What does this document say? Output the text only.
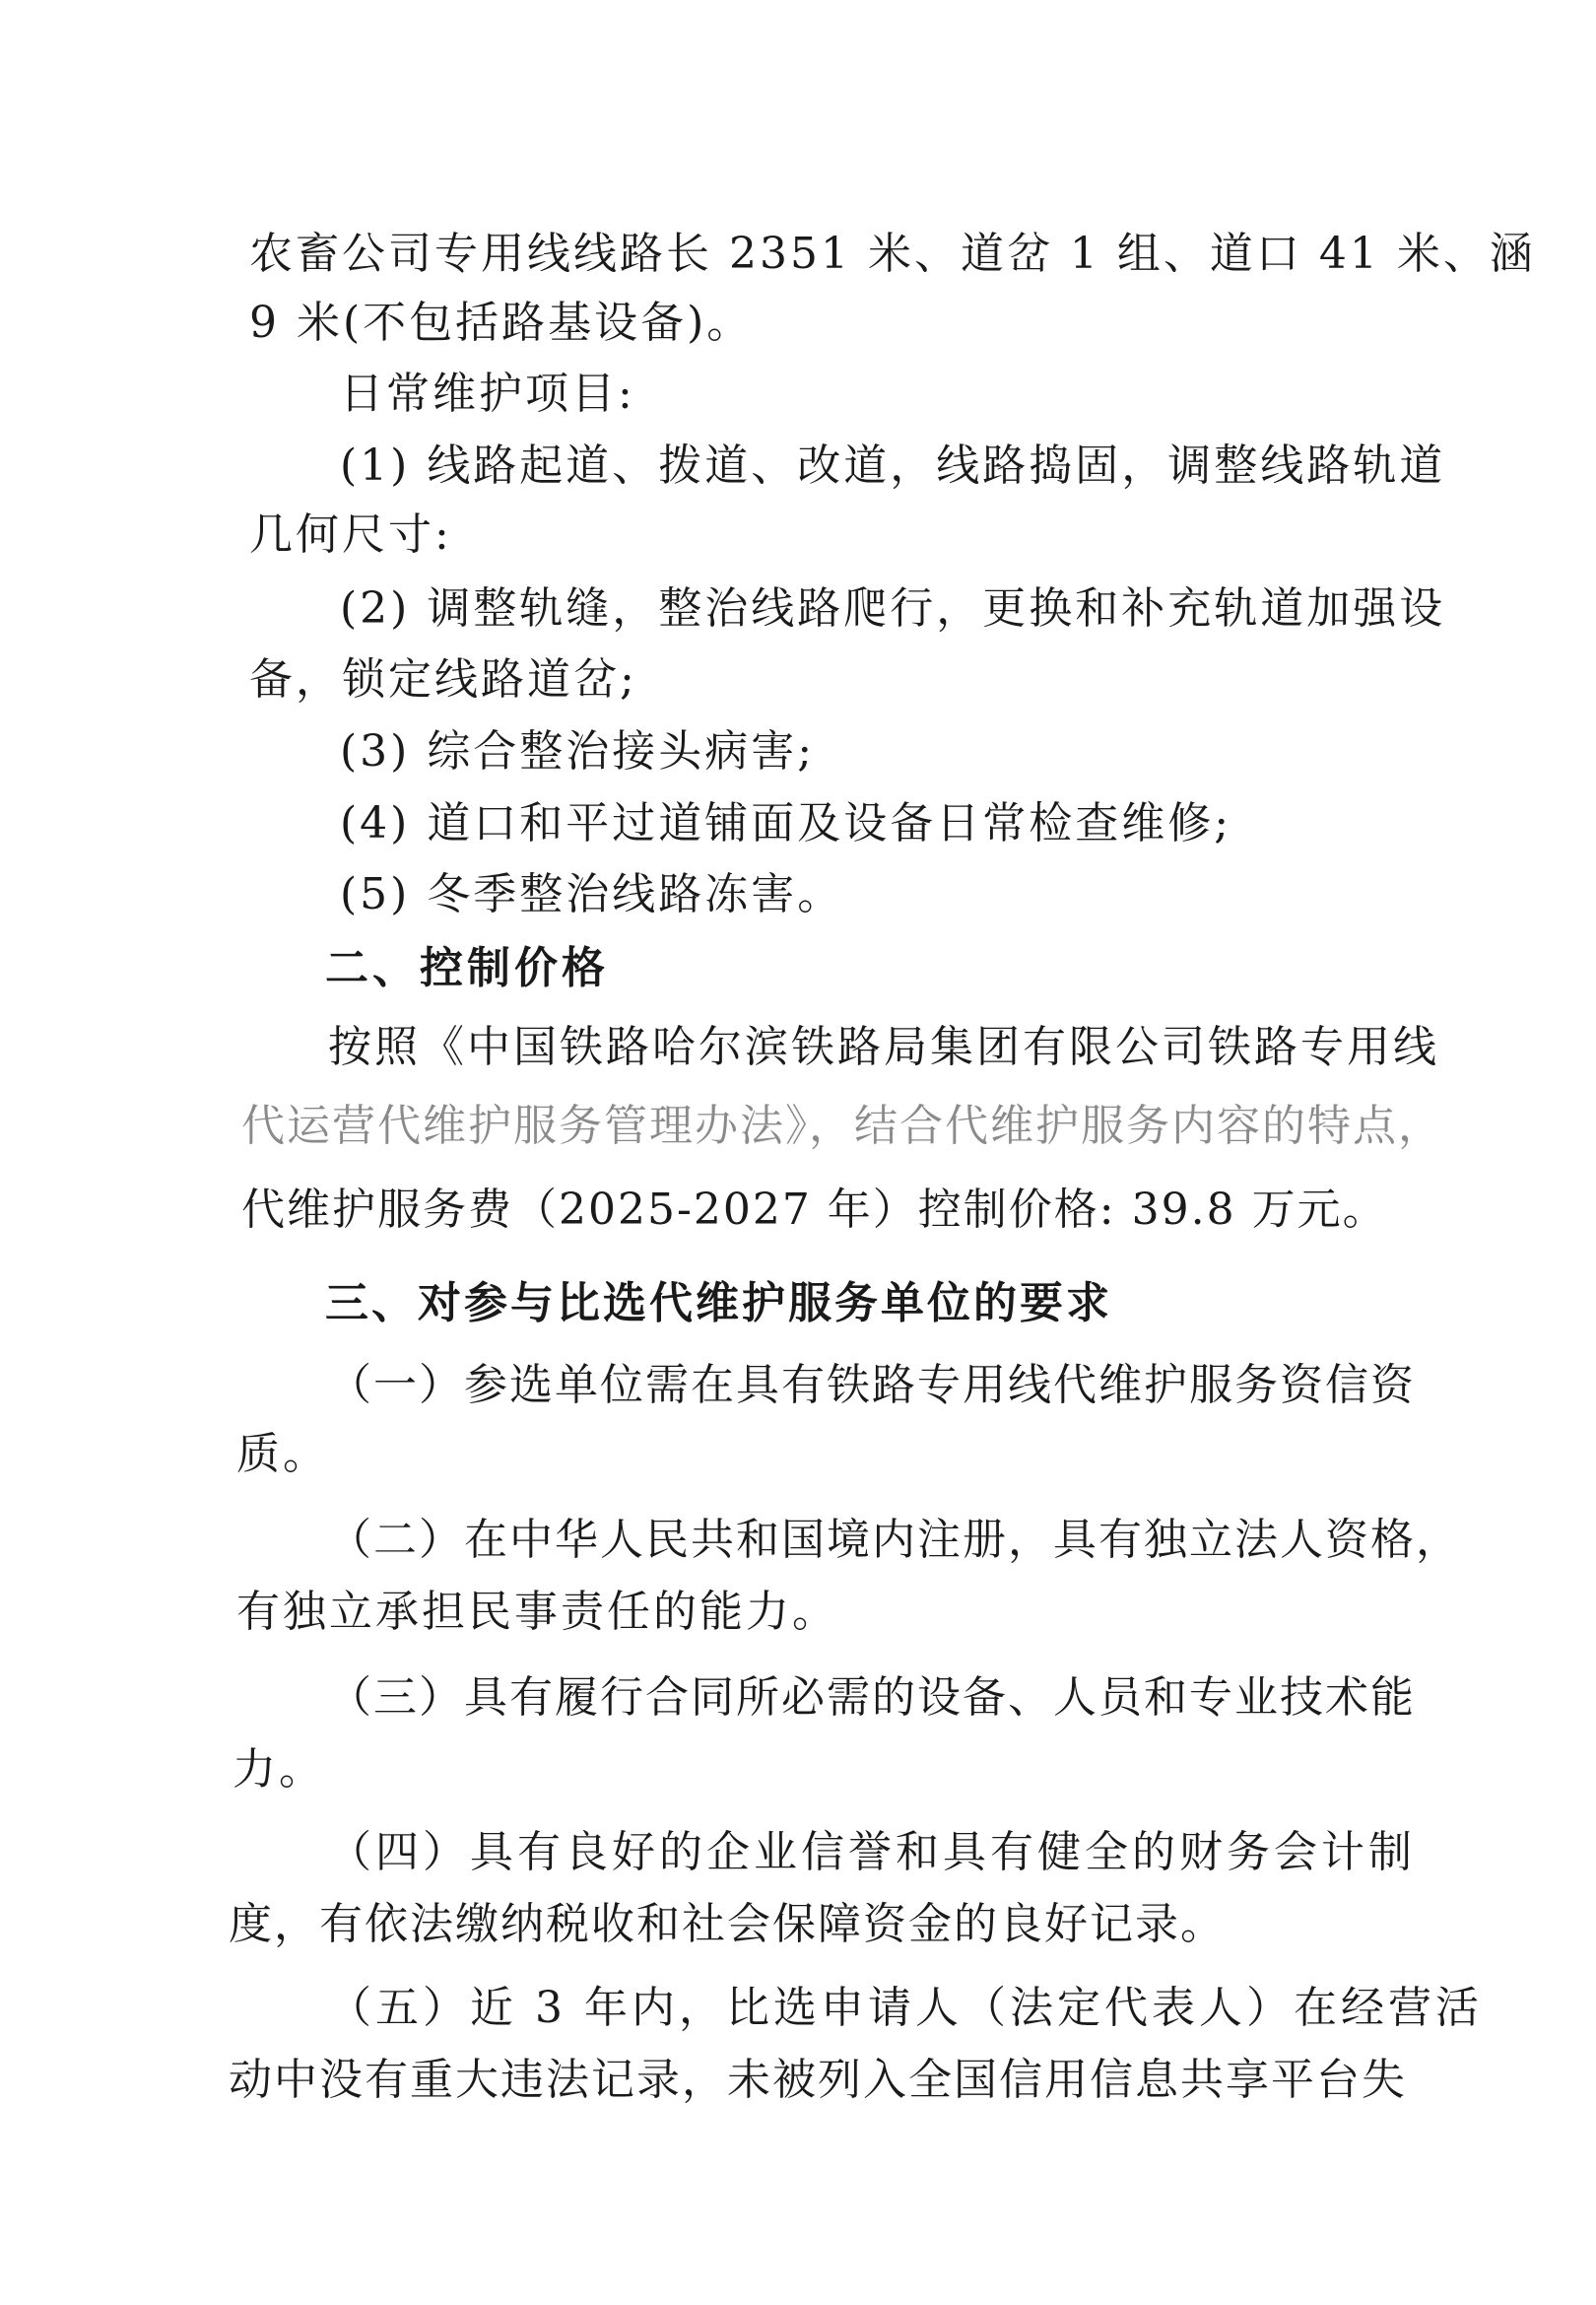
农畜公司专用线线路长 2351 米、道岔 1 组、道口 41 米、涵
9 米(不包括路基设备)。
日常维护项目:
(1) 线路起道、拨道、改道，线路捣固，调整线路轨道
几何尺寸:
(2) 调整轨缝，整治线路爬行，更换和补充轨道加强设
备，锁定线路道岔;
(3) 综合整治接头病害;
(4) 道口和平过道铺面及设备日常检查维修;
(5) 冬季整治线路冻害。
二、控制价格
按照《中国铁路哈尔滨铁路局集团有限公司铁路专用线
代运营代维护服务管理办法》，结合代维护服务内容的特点，
代维护服务费（2025-2027 年）控制价格: 39.8 万元。
三、对参与比选代维护服务单位的要求
（一）参选单位需在具有铁路专用线代维护服务资信资
质。
（二）在中华人民共和国境内注册，具有独立法人资格，
有独立承担民事责任的能力。
（三）具有履行合同所必需的设备、人员和专业技术能
力。
（四）具有良好的企业信誉和具有健全的财务会计制
度，有依法缴纳税收和社会保障资金的良好记录。
（五）近 3 年内，比选申请人（法定代表人）在经营活
动中没有重大违法记录，未被列入全国信用信息共享平台失
